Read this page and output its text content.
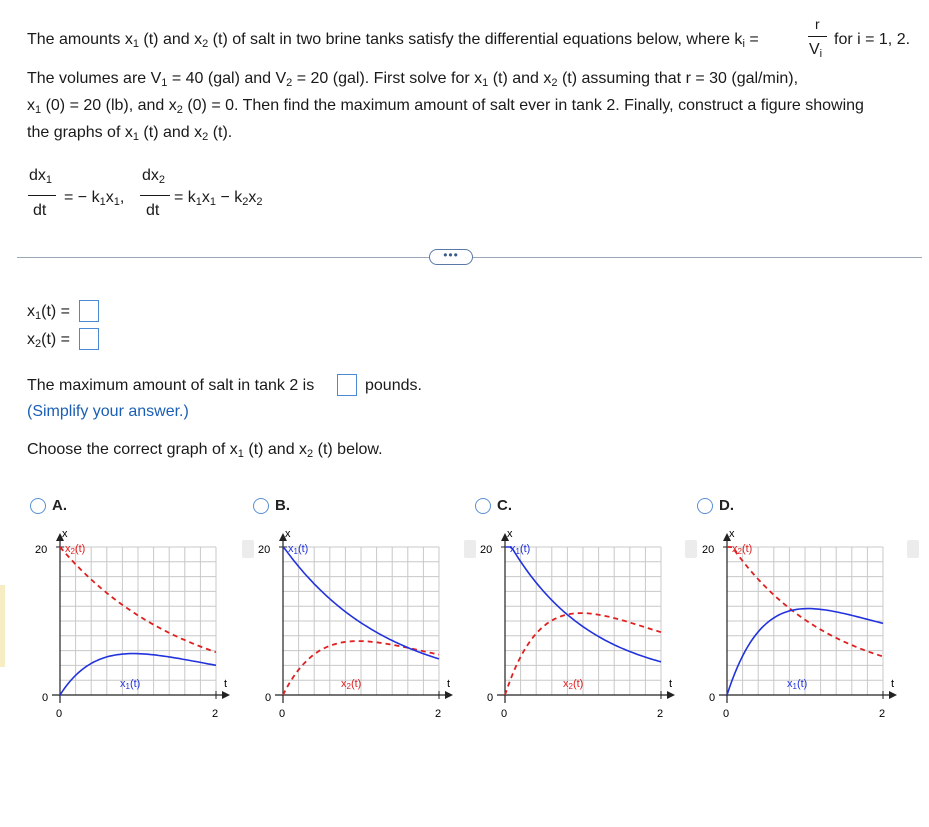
The amounts $x_1$ (t) and $x_2$ (t) of salt in two brine tanks satisfy the differential equations below, where $k_i$ =
r
$V_i$
for i = 1, 2.
The volumes are $V_1 = 40$ (gal) and $V_2 = 20$ (gal). First solve for $x_1$ (t) and $x_2$ (t) assuming that r = 30 (gal/min),
$x_1$ (0) = 20 (lb), and $x_2$ (0) = 0. Then find the maximum amount of salt ever in tank 2. Finally, construct a figure showing
the graphs of $x_1$ (t) and $x_2$ (t).
$dx_1$
dt
= − $k_1x_1$,
$dx_2$
dt
= $k_1x_1 - k_2x_2$
•••
$x_1(t)$ =
$x_2(t)$ =
The maximum amount of salt in tank 2 is	pounds.
(Simplify your answer.)
Choose the correct graph of $x_1$ (t) and $x_2$ (t) below.
A.	B.	C.	D.
x
20
0
0	2
t
x2(t)
x1(t)
x
20
0
0	2
t
x1(t)
x2(t)
x
20
0
0	2
t
x1(t)
x2(t)
x
20
0
0	2
t
x2(t)
x1(t)
